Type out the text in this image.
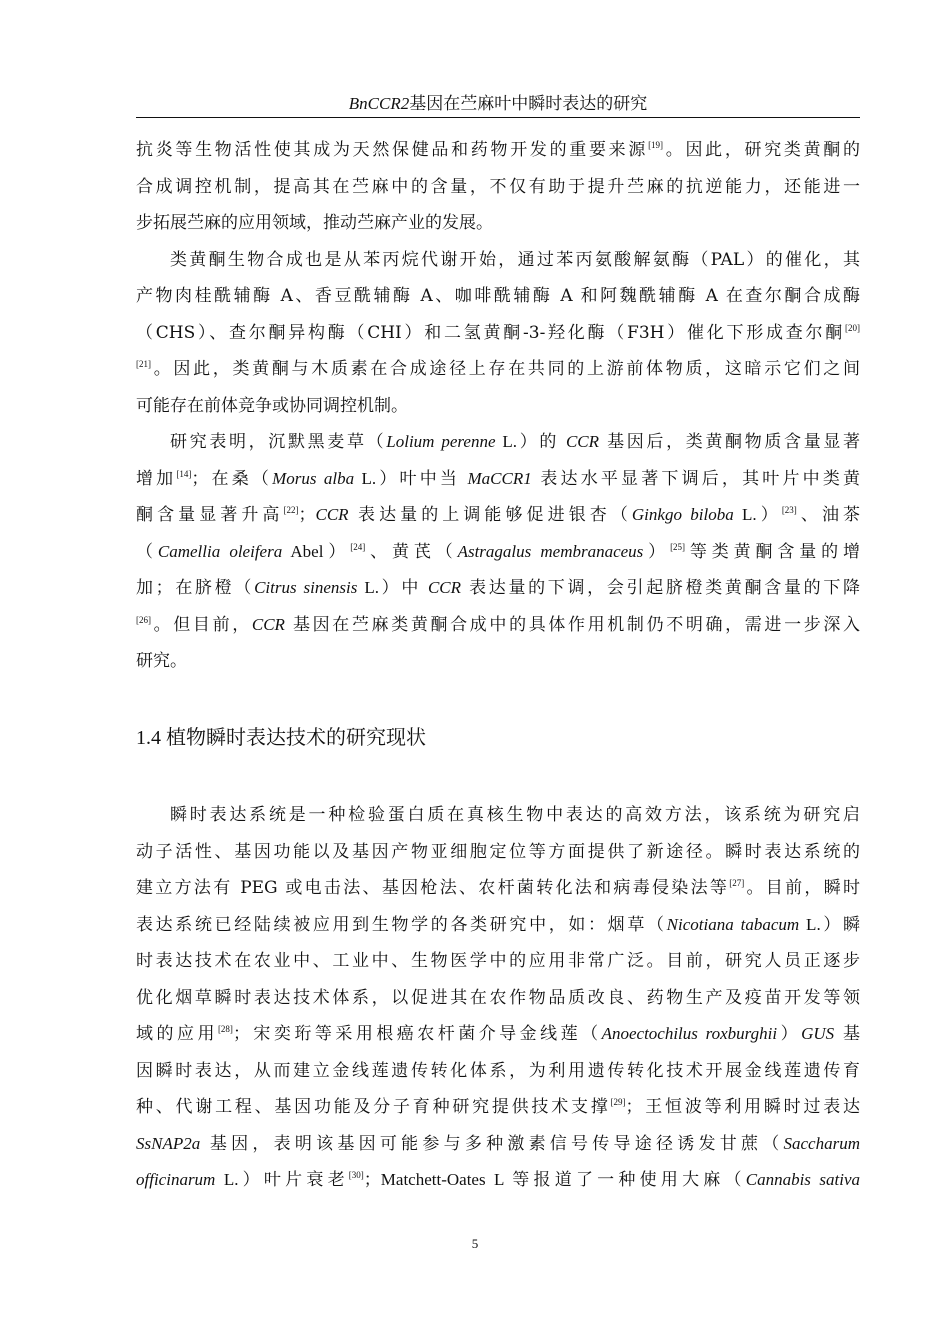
BnCCR2基因在苎麻叶中瞬时表达的研究
抗炎等生物活性使其成为天然保健品和药物开发的重要来源[19]。因此，研究类黄酮的
合成调控机制，提高其在苎麻中的含量，不仅有助于提升苎麻的抗逆能力，还能进一
步拓展苎麻的应用领域，推动苎麻产业的发展。
类黄酮生物合成也是从苯丙烷代谢开始，通过苯丙氨酸解氨酶（PAL）的催化，其
产物肉桂酰辅酶 A、香豆酰辅酶 A、咖啡酰辅酶 A 和阿魏酰辅酶 A 在查尔酮合成酶
（CHS）、查尔酮异构酶（CHI）和二氢黄酮-3-羟化酶（F3H）催化下形成查尔酮[20]
[21]。因此，类黄酮与木质素在合成途径上存在共同的上游前体物质，这暗示它们之间
可能存在前体竞争或协同调控机制。
研究表明，沉默黑麦草（Lolium perenne L.）的 CCR 基因后，类黄酮物质含量显著
增加[14]；在桑（Morus alba L.）叶中当 MaCCR1 表达水平显著下调后，其叶片中类黄
酮含量显著升高[22]；CCR 表达量的上调能够促进银杏（Ginkgo biloba L.）[23]、油茶
（Camellia oleifera Abel）[24]、黄芪（Astragalus membranaceus）[25]等类黄酮含量的增
加；在脐橙（Citrus sinensis L.）中 CCR 表达量的下调，会引起脐橙类黄酮含量的下降
[26]。但目前，CCR 基因在苎麻类黄酮合成中的具体作用机制仍不明确，需进一步深入
研究。
1.4 植物瞬时表达技术的研究现状
瞬时表达系统是一种检验蛋白质在真核生物中表达的高效方法，该系统为研究启
动子活性、基因功能以及基因产物亚细胞定位等方面提供了新途径。瞬时表达系统的
建立方法有 PEG 或电击法、基因枪法、农杆菌转化法和病毒侵染法等[27]。目前，瞬时
表达系统已经陆续被应用到生物学的各类研究中，如：烟草（Nicotiana tabacum L.）瞬
时表达技术在农业中、工业中、生物医学中的应用非常广泛。目前，研究人员正逐步
优化烟草瞬时表达技术体系，以促进其在农作物品质改良、药物生产及疫苗开发等领
域的应用[28]；宋奕珩等采用根癌农杆菌介导金线莲（Anoectochilus roxburghii）GUS 基
因瞬时表达，从而建立金线莲遗传转化体系，为利用遗传转化技术开展金线莲遗传育
种、代谢工程、基因功能及分子育种研究提供技术支撑[29]；王恒波等利用瞬时过表达
SsNAP2a 基因，表明该基因可能参与多种激素信号传导途径诱发甘蔗（Saccharum
officinarum L.）叶片衰老[30]；Matchett-Oates L 等报道了一种使用大麻（Cannabis sativa
5
